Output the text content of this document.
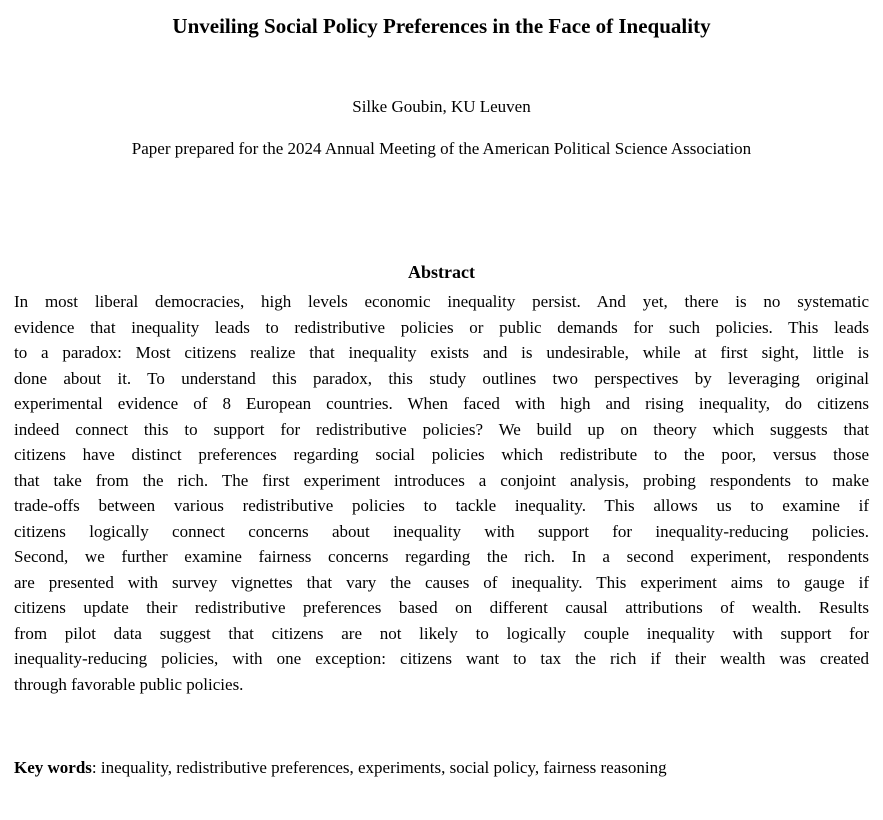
Unveiling Social Policy Preferences in the Face of Inequality

Silke Goubin, KU Leuven

Paper prepared for the 2024 Annual Meeting of the American Political Science Association

Abstract
In most liberal democracies, high levels economic inequality persist. And yet, there is no systematic
evidence that inequality leads to redistributive policies or public demands for such policies. This leads
to a paradox: Most citizens realize that inequality exists and is undesirable, while at first sight, little is
done about it. To understand this paradox, this study outlines two perspectives by leveraging original
experimental evidence of 8 European countries. When faced with high and rising inequality, do citizens
indeed connect this to support for redistributive policies? We build up on theory which suggests that
citizens have distinct preferences regarding social policies which redistribute to the poor, versus those
that take from the rich. The first experiment introduces a conjoint analysis, probing respondents to make
trade-offs between various redistributive policies to tackle inequality. This allows us to examine if
citizens logically connect concerns about inequality with support for inequality-reducing policies.
Second, we further examine fairness concerns regarding the rich. In a second experiment, respondents
are presented with survey vignettes that vary the causes of inequality. This experiment aims to gauge if
citizens update their redistributive preferences based on different causal attributions of wealth. Results
from pilot data suggest that citizens are not likely to logically couple inequality with support for
inequality-reducing policies, with one exception: citizens want to tax the rich if their wealth was created
through favorable public policies.

Key words: inequality, redistributive preferences, experiments, social policy, fairness reasoning
